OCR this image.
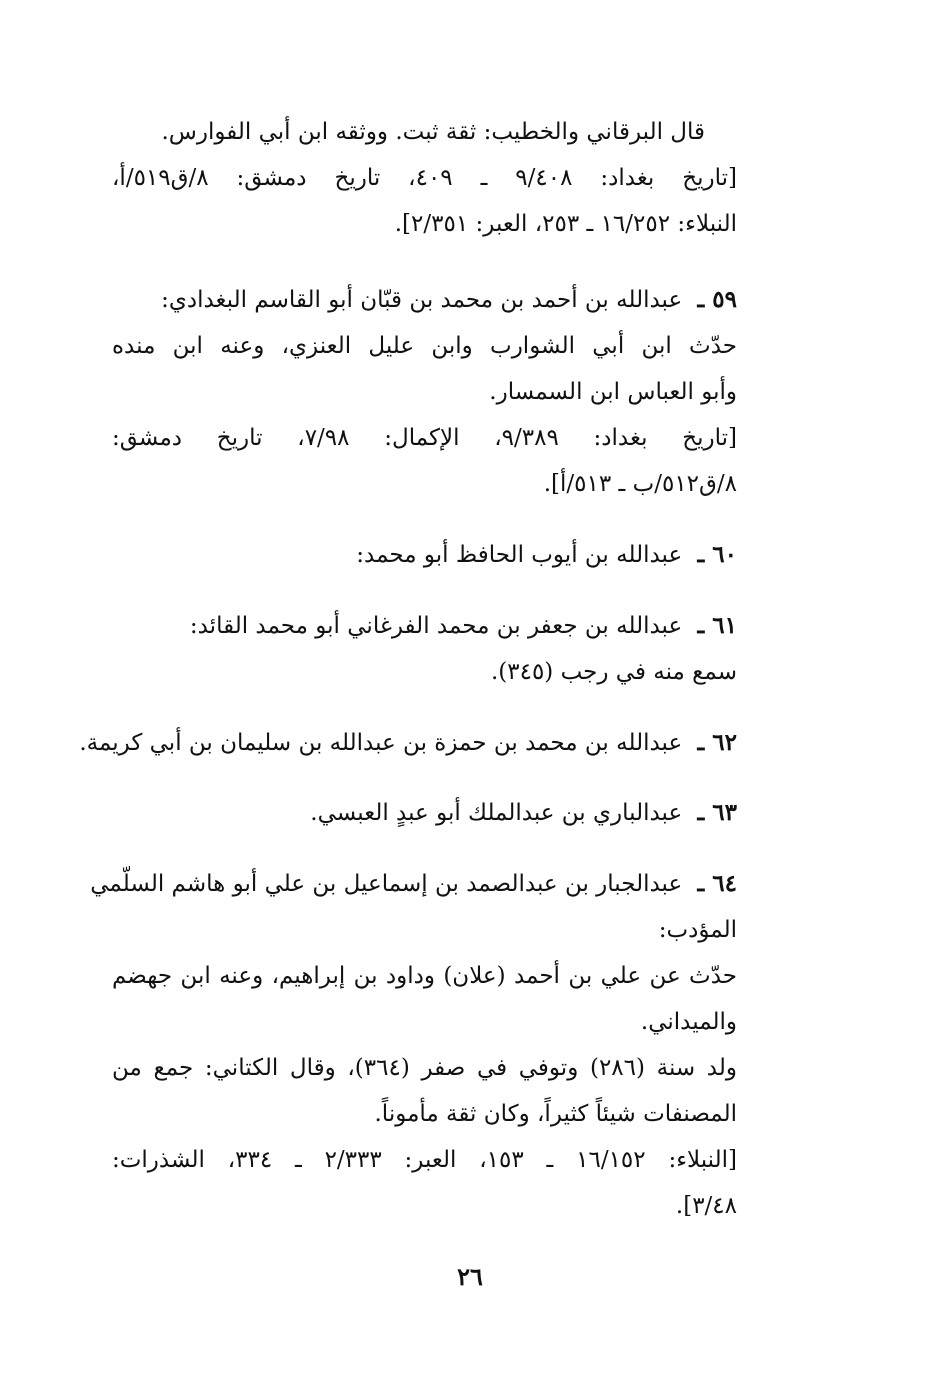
قال البرقاني والخطيب: ثقة ثبت. ووثقه ابن أبي الفوارس.
[تاريخ بغداد: ٩/٤٠٨ ـ ٤٠٩، تاريخ دمشق: ٨/ق٥١٩/أ،
النبلاء: ١٦/٢٥٢ ـ ٢٥٣، العبر: ٢/٣٥١].
٥٩ ـ عبدالله بن أحمد بن محمد بن قبّان أبو القاسم البغدادي:
حدّث ابن أبي الشوارب وابن عليل العنزي، وعنه ابن منده
وأبو العباس ابن السمسار.
[تاريخ بغداد: ٩/٣٨٩، الإكمال: ٧/٩٨، تاريخ دمشق:
٨/ق٥١٢/ب ـ ٥١٣/أ].
٦٠ ـ عبدالله بن أيوب الحافظ أبو محمد:
٦١ ـ عبدالله بن جعفر بن محمد الفرغاني أبو محمد القائد:
سمع منه في رجب (٣٤٥).
٦٢ ـ عبدالله بن محمد بن حمزة بن عبدالله بن سليمان بن أبي كريمة.
٦٣ ـ عبدالباري بن عبدالملك أبو عبدٍ العبسي.
٦٤ ـ عبدالجبار بن عبدالصمد بن إسماعيل بن علي أبو هاشم السلّمي
المؤدب:
حدّث عن علي بن أحمد (علان) وداود بن إبراهيم، وعنه ابن جهضم
والميداني.
ولد سنة (٢٨٦) وتوفي في صفر (٣٦٤)، وقال الكتاني: جمع من
المصنفات شيئاً كثيراً، وكان ثقة مأموناً.
[النبلاء: ١٦/١٥٢ ـ ١٥٣، العبر: ٢/٣٣٣ ـ ٣٣٤، الشذرات:
٣/٤٨].
٢٦
